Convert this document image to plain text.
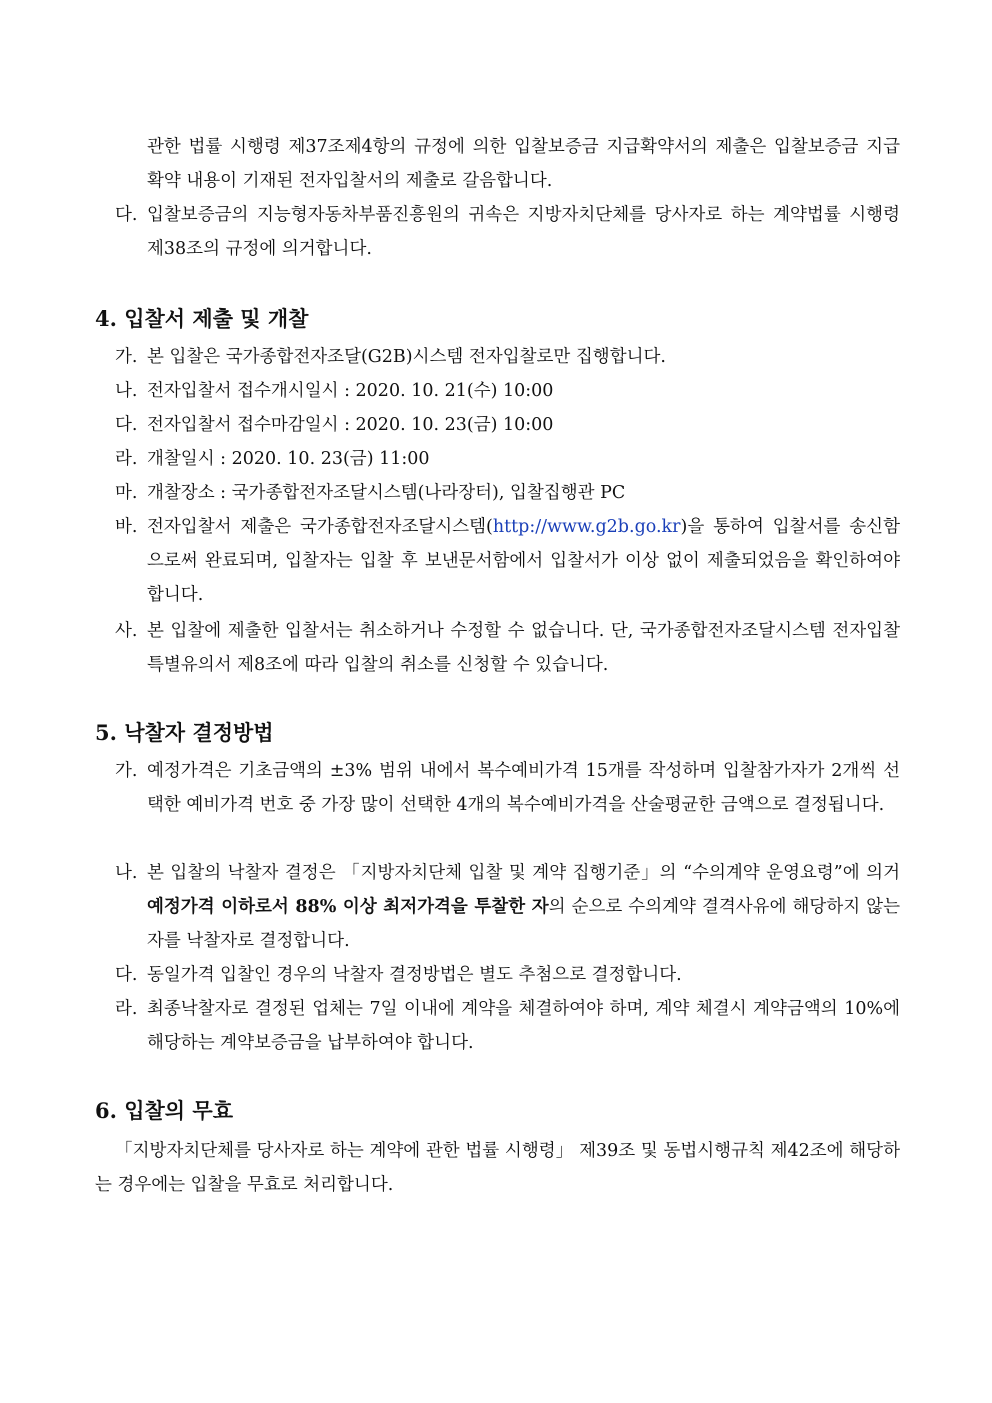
관한 법률 시행령 제37조제4항의 규정에 의한 입찰보증금 지급확약서의 제출은 입찰보증금 지급 확약 내용이 기재된 전자입찰서의 제출로 갈음합니다.
다. 입찰보증금의 지능형자동차부품진흥원의 귀속은 지방자치단체를 당사자로 하는 계약법률 시행령 제38조의 규정에 의거합니다.
4. 입찰서 제출 및 개찰
가. 본 입찰은 국가종합전자조달(G2B)시스템 전자입찰로만 집행합니다.
나. 전자입찰서 접수개시일시 : 2020. 10. 21(수) 10:00
다. 전자입찰서 접수마감일시 : 2020. 10. 23(금) 10:00
라. 개찰일시 : 2020. 10. 23(금) 11:00
마. 개찰장소 : 국가종합전자조달시스템(나라장터), 입찰집행관 PC
바. 전자입찰서 제출은 국가종합전자조달시스템(http://www.g2b.go.kr)을 통하여 입찰서를 송신함으로써 완료되며, 입찰자는 입찰 후 보낸문서함에서 입찰서가 이상 없이 제출되었음을 확인하여야 합니다.
사. 본 입찰에 제출한 입찰서는 취소하거나 수정할 수 없습니다. 단, 국가종합전자조달시스템 전자입찰특별유의서 제8조에 따라 입찰의 취소를 신청할 수 있습니다.
5. 낙찰자 결정방법
가. 예정가격은 기초금액의 ±3% 범위 내에서 복수예비가격 15개를 작성하며 입찰참가자가 2개씩 선택한 예비가격 번호 중 가장 많이 선택한 4개의 복수예비가격을 산술평균한 금액으로 결정됩니다.
나. 본 입찰의 낙찰자 결정은 「지방자치단체 입찰 및 계약 집행기준」의 “수의계약 운영요령”에 의거 예정가격 이하로서 88% 이상 최저가격을 투찰한 자의 순으로 수의계약 결격사유에 해당하지 않는 자를 낙찰자로 결정합니다.
다. 동일가격 입찰인 경우의 낙찰자 결정방법은 별도 추첨으로 결정합니다.
라. 최종낙찰자로 결정된 업체는 7일 이내에 계약을 체결하여야 하며, 계약 체결시 계약금액의 10%에 해당하는 계약보증금을 납부하여야 합니다.
6. 입찰의 무효
「지방자치단체를 당사자로 하는 계약에 관한 법률 시행령」 제39조 및 동법시행규칙 제42조에 해당하는 경우에는 입찰을 무효로 처리합니다.
